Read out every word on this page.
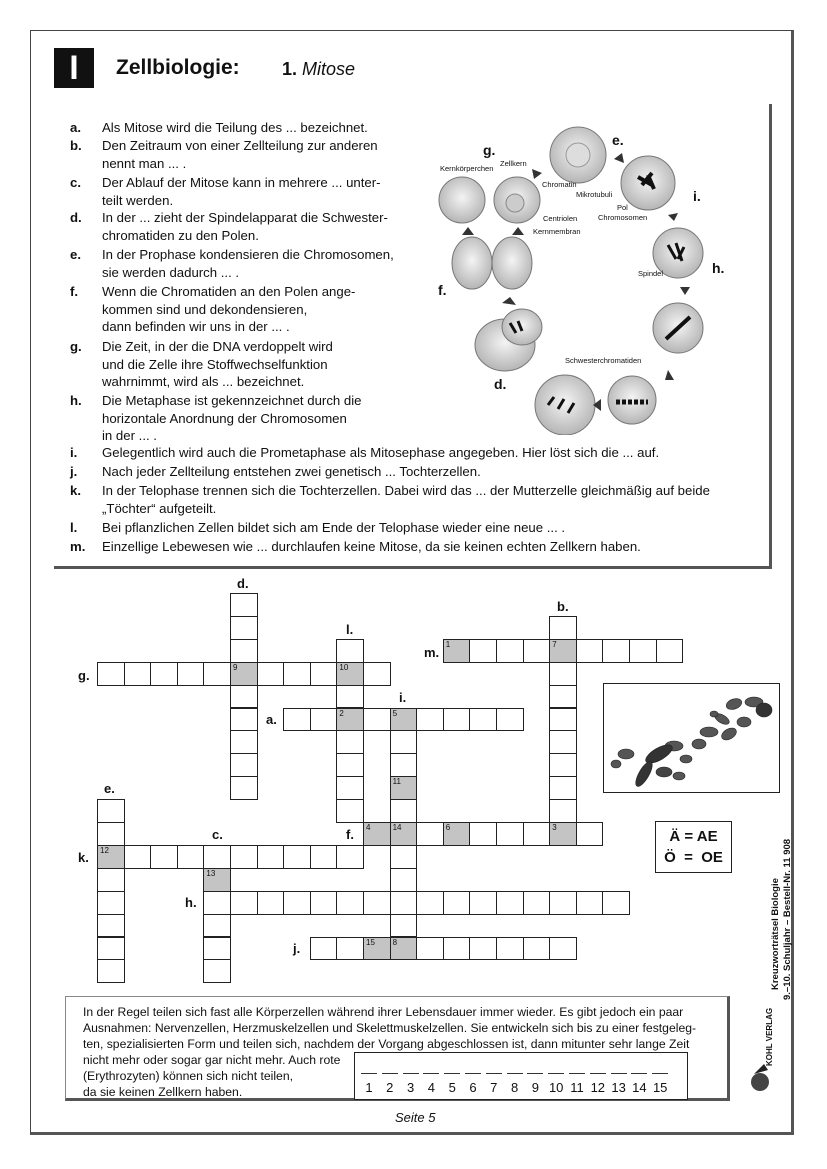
I	Zellbiologie: 1. Mitose
a. Als Mitose wird die Teilung des ... bezeichnet.
b. Den Zeitraum von einer Zellteilung zur anderen
nennt man ... .
c. Der Ablauf der Mitose kann in mehrere ... unter-
teilt werden.
d. In der ... zieht der Spindelapparat die Schwester-
chromatiden zu den Polen.
e. In der Prophase kondensieren die Chromosomen,
sie werden dadurch ... .
f. Wenn die Chromatiden an den Polen ange-
kommen sind und dekondensieren,
dann befinden wir uns in der ... .
g. Die Zeit, in der die DNA verdoppelt wird
und die Zelle ihre Stoffwechselfunktion
wahrnimmt, wird als ... bezeichnet.
h. Die Metaphase ist gekennzeichnet durch die
horizontale Anordnung der Chromosomen
in der ... .
i. Gelegentlich wird auch die Prometaphase als Mitosephase angegeben. Hier löst sich die ... auf.
j. Nach jeder Zellteilung entstehen zwei genetisch ... Tochterzellen.
k. In der Telophase trennen sich die Tochterzellen. Dabei wird das ... der Mutterzelle gleichmäßig auf beide
„Töchter“ aufgeteilt.
l. Bei pflanzlichen Zellen bildet sich am Ende der Telophase wieder eine neue ... .
m. Einzellige Lebewesen wie ... durchlaufen keine Mitose, da sie keinen echten Zellkern haben.
Zellkern
Kernkörperchen
Chromatin
Mikrotubuli
Pol
Chromosomen
Centriolen
Kernmembran
Spindel
Schwesterchromatiden
g.
e.
i.
h.
f.
d.
9
7
3
10
2	5
11
14
8
12
13
1
4	6
15
d.
b.
l.
m.
g.
i.
a.
e.
c.	f.
k.
h.
j.
Ä = AE
Ö  =  OE
In der Regel teilen sich fast alle Körperzellen während ihrer Lebensdauer immer wieder. Es gibt jedoch ein paar
Ausnahmen: Nervenzellen, Herzmuskelzellen und Skelettmuskelzellen. Sie entwickeln sich bis zu einer festgeleg-
ten, spezialisierten Form und teilen sich, nachdem der Vorgang abgeschlossen ist, dann mitunter sehr lange Zeit
nicht mehr oder sogar gar nicht mehr. Auch rote
(Erythrozyten) können sich nicht teilen,
da sie keinen Zellkern haben.	1	2	3	4	5	6	7	8	9 10 11 12 13 14 15
Kreuzworträtsel Biologie 9.–10. Schuljahr – Bestell-Nr. 11 908
KOHL VERLAG
Seite 5
